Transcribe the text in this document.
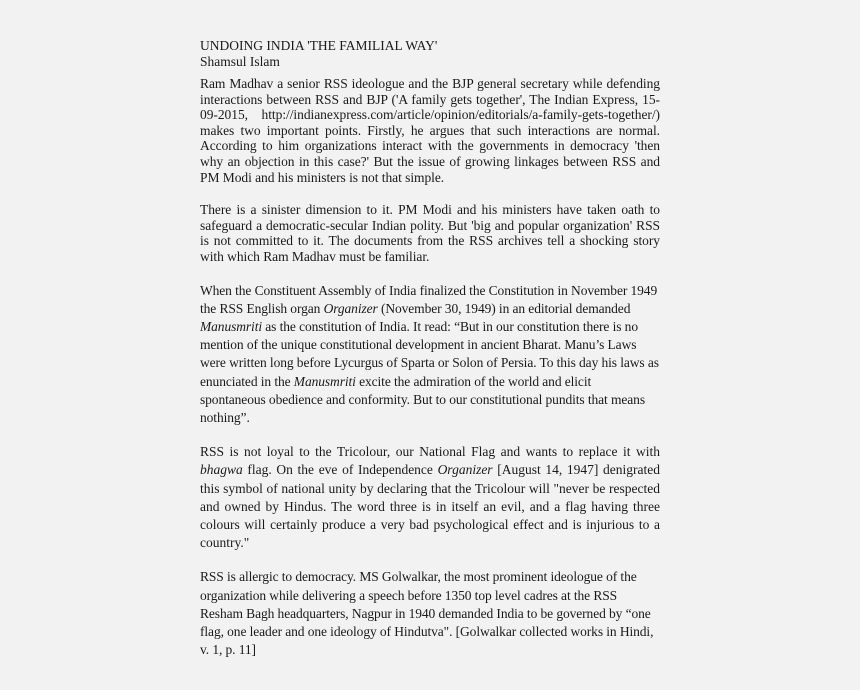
UNDOING INDIA 'THE FAMILIAL WAY'

Shamsul Islam

Ram Madhav a senior RSS ideologue and the BJP general secretary while defending interactions between RSS and BJP ('A family gets together', The Indian Express, 15-09-2015, http://indianexpress.com/article/opinion/editorials/a-family-gets-together/) makes two important points. Firstly, he argues that such interactions are normal. According to him organizations interact with the governments in democracy 'then why an objection in this case?' But the issue of growing linkages between RSS and PM Modi and his ministers is not that simple.

There is a sinister dimension to it. PM Modi and his ministers have taken oath to safeguard a democratic-secular Indian polity. But 'big and popular organization' RSS is not committed to it. The documents from the RSS archives tell a shocking story with which Ram Madhav must be familiar.

When the Constituent Assembly of India finalized the Constitution in November 1949 the RSS English organ Organizer (November 30, 1949) in an editorial demanded Manusmriti as the constitution of India. It read: “But in our constitution there is no mention of the unique constitutional development in ancient Bharat. Manu’s Laws were written long before Lycurgus of Sparta or Solon of Persia. To this day his laws as enunciated in the Manusmriti excite the admiration of the world and elicit spontaneous obedience and conformity. But to our constitutional pundits that means nothing”.

RSS is not loyal to the Tricolour, our National Flag and wants to replace it with bhagwa flag. On the eve of Independence Organizer [August 14, 1947] denigrated this symbol of national unity by declaring that the Tricolour will "never be respected and owned by Hindus. The word three is in itself an evil, and a flag having three colours will certainly produce a very bad psychological effect and is injurious to a country."

RSS is allergic to democracy. MS Golwalkar, the most prominent ideologue of the organization while delivering a speech before 1350 top level cadres at the RSS Resham Bagh headquarters, Nagpur in 1940 demanded India to be governed by “one flag, one leader and one ideology of Hindutva". [Golwalkar collected works in Hindi, v. 1, p. 11]
